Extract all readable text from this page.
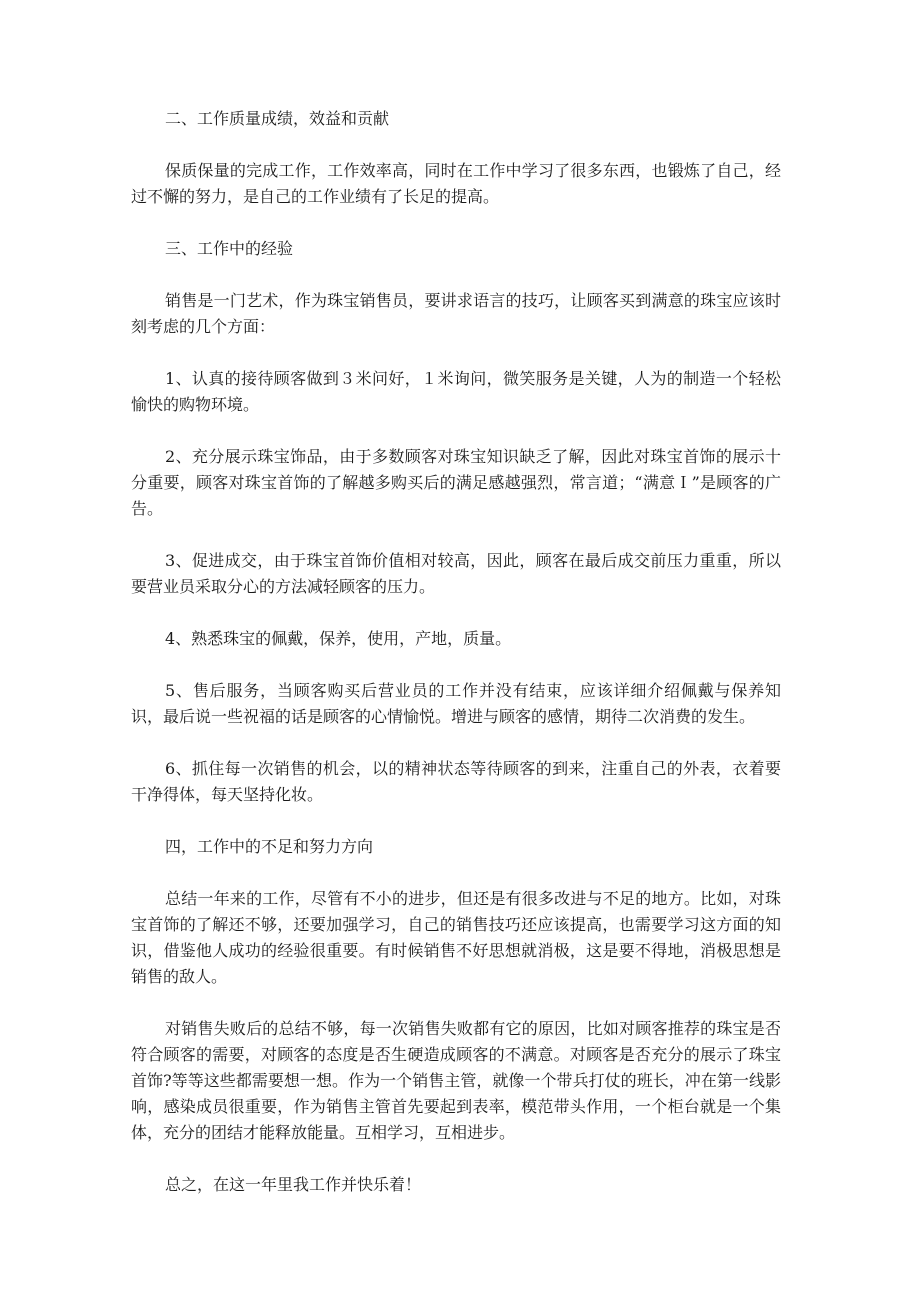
二、工作质量成绩，效益和贡献

保质保量的完成工作，工作效率高，同时在工作中学习了很多东西，也锻炼了自己，经过不懈的努力，是自己的工作业绩有了长足的提高。

三、工作中的经验

销售是一门艺术，作为珠宝销售员，要讲求语言的技巧，让顾客买到满意的珠宝应该时刻考虑的几个方面：

1、认真的接待顾客做到３米问好，１米询问，微笑服务是关键，人为的制造一个轻松愉快的购物环境。

2、充分展示珠宝饰品，由于多数顾客对珠宝知识缺乏了解，因此对珠宝首饰的展示十分重要，顾客对珠宝首饰的了解越多购买后的满足感越强烈，常言道；“满意Ｉ”是顾客的广告。

3、促进成交，由于珠宝首饰价值相对较高，因此，顾客在最后成交前压力重重，所以要营业员采取分心的方法减轻顾客的压力。

4、熟悉珠宝的佩戴，保养，使用，产地，质量。

5、售后服务，当顾客购买后营业员的工作并没有结束，应该详细介绍佩戴与保养知识，最后说一些祝福的话是顾客的心情愉悦。增进与顾客的感情，期待二次消费的发生。

6、抓住每一次销售的机会，以的精神状态等待顾客的到来，注重自己的外表，衣着要干净得体，每天坚持化妆。

四，工作中的不足和努力方向

总结一年来的工作，尽管有不小的进步，但还是有很多改进与不足的地方。比如，对珠宝首饰的了解还不够，还要加强学习，自己的销售技巧还应该提高，也需要学习这方面的知识，借鉴他人成功的经验很重要。有时候销售不好思想就消极，这是要不得地，消极思想是销售的敌人。

对销售失败后的总结不够，每一次销售失败都有它的原因，比如对顾客推荐的珠宝是否符合顾客的需要，对顾客的态度是否生硬造成顾客的不满意。对顾客是否充分的展示了珠宝首饰?等等这些都需要想一想。作为一个销售主管，就像一个带兵打仗的班长，冲在第一线影响，感染成员很重要，作为销售主管首先要起到表率，模范带头作用，一个柜台就是一个集体，充分的团结才能释放能量。互相学习，互相进步。

总之，在这一年里我工作并快乐着！
